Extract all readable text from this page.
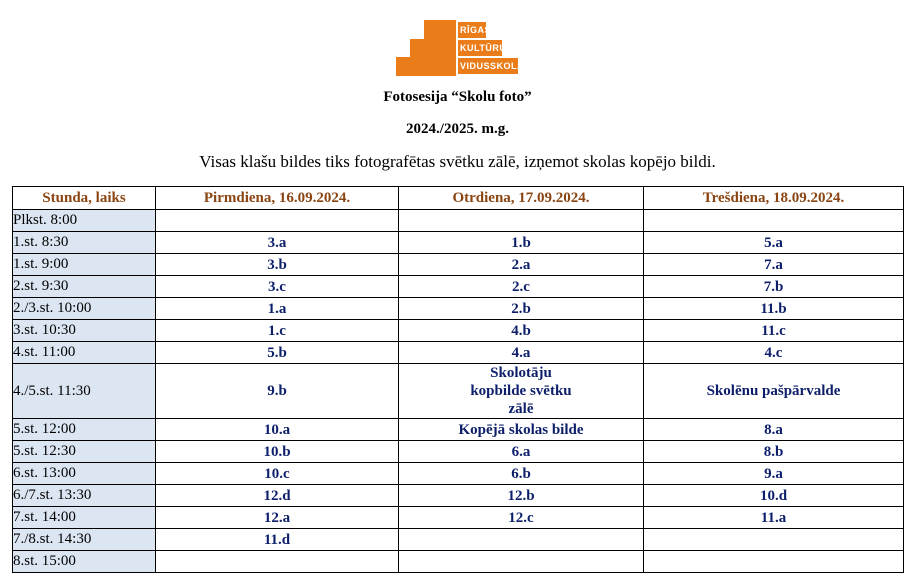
RĪGAS
KULTŪRU
VIDUSSKOLA
Fotosesija “Skolu foto”
2024./2025. m.g.
Visas klašu bildes tiks fotografētas svētku zālē, izņemot skolas kopējo bildi.
Stunda, laiks	Pirmdiena, 16.09.2024.	Otrdiena, 17.09.2024.	Trešdiena, 18.09.2024.
Plkst. 8:00			
1.st. 8:30	3.a	1.b	5.a
1.st. 9:00	3.b	2.a	7.a
2.st. 9:30	3.c	2.c	7.b
2./3.st. 10:00	1.a	2.b	11.b
3.st. 10:30	1.c	4.b	11.c
4.st. 11:00	5.b	4.a	4.c
4./5.st. 11:30	9.b	Skolotāju kopbilde svētku zālē	Skolēnu pašpārvalde
5.st. 12:00	10.a	Kopējā skolas bilde	8.a
5.st. 12:30	10.b	6.a	8.b
6.st. 13:00	10.c	6.b	9.a
6./7.st. 13:30	12.d	12.b	10.d
7.st. 14:00	12.a	12.c	11.a
7./8.st. 14:30	11.d		
8.st. 15:00			
